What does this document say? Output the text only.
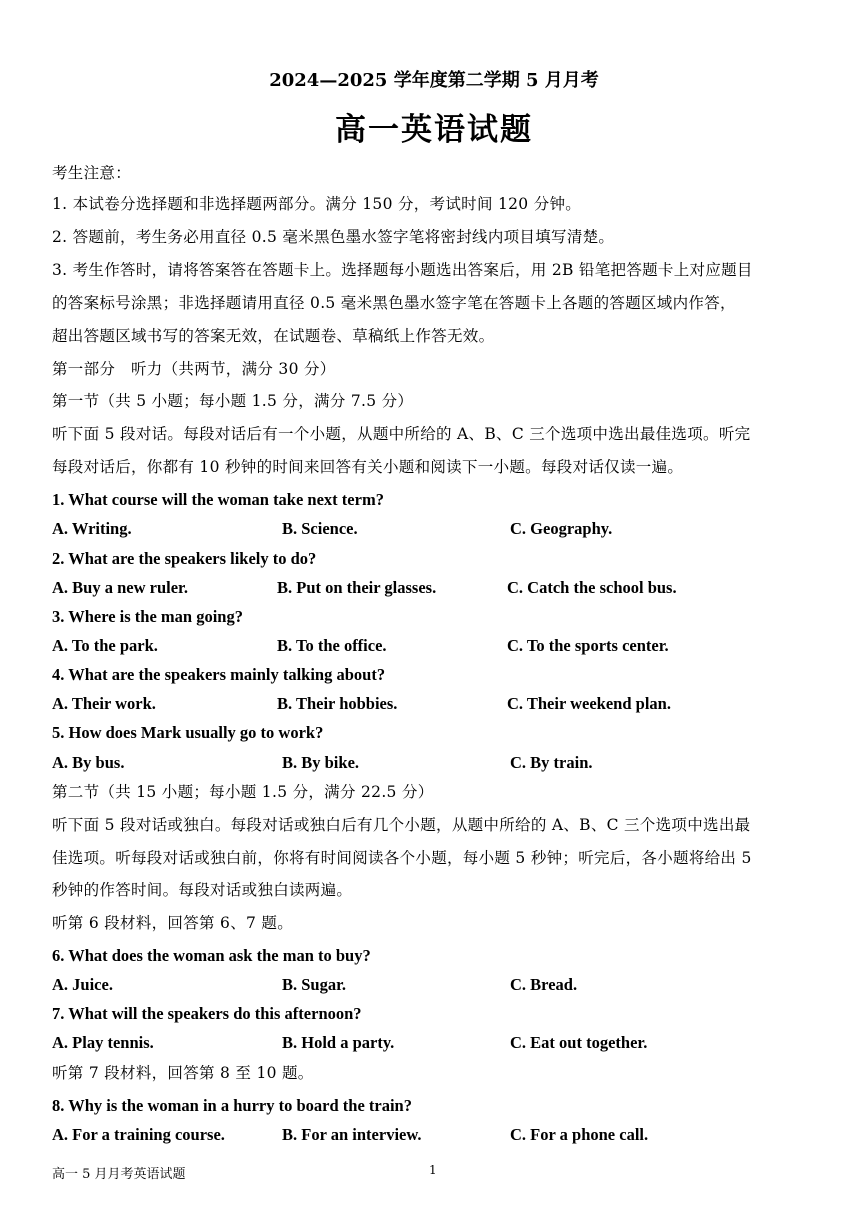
2024—2025 学年度第二学期 5 月月考
高一英语试题
考生注意：
1. 本试卷分选择题和非选择题两部分。满分 150 分，考试时间 120 分钟。
2. 答题前，考生务必用直径 0.5 毫米黑色墨水签字笔将密封线内项目填写清楚。
3. 考生作答时，请将答案答在答题卡上。选择题每小题选出答案后，用 2B 铅笔把答题卡上对应题目
的答案标号涂黑；非选择题请用直径 0.5 毫米黑色墨水签字笔在答题卡上各题的答题区域内作答，
超出答题区域书写的答案无效，在试题卷、草稿纸上作答无效。
第一部分　听力（共两节，满分 30 分）
第一节（共 5 小题；每小题 1.5 分，满分 7.5 分）
听下面 5 段对话。每段对话后有一个小题，从题中所给的 A、B、C 三个选项中选出最佳选项。听完
每段对话后，你都有 10 秒钟的时间来回答有关小题和阅读下一小题。每段对话仅读一遍。
1. What course will the woman take next term?
A. Writing.	B. Science.	C. Geography.
2. What are the speakers likely to do?
A. Buy a new ruler.	B. Put on their glasses.	C. Catch the school bus.
3. Where is the man going?
A. To the park.	B. To the office.	C. To the sports center.
4. What are the speakers mainly talking about?
A. Their work.	B. Their hobbies.	C. Their weekend plan.
5. How does Mark usually go to work?
A. By bus.	B. By bike.	C. By train.
第二节（共 15 小题；每小题 1.5 分，满分 22.5 分）
听下面 5 段对话或独白。每段对话或独白后有几个小题，从题中所给的 A、B、C 三个选项中选出最
佳选项。听每段对话或独白前，你将有时间阅读各个小题，每小题 5 秒钟；听完后，各小题将给出 5
秒钟的作答时间。每段对话或独白读两遍。
听第 6 段材料，回答第 6、7 题。
6. What does the woman ask the man to buy?
A. Juice.	B. Sugar.	C. Bread.
7. What will the speakers do this afternoon?
A. Play tennis.	B. Hold a party.	C. Eat out together.
听第 7 段材料，回答第 8 至 10 题。
8. Why is the woman in a hurry to board the train?
A. For a training course.	B. For an interview.	C. For a phone call.
高一 5 月月考英语试题	1
